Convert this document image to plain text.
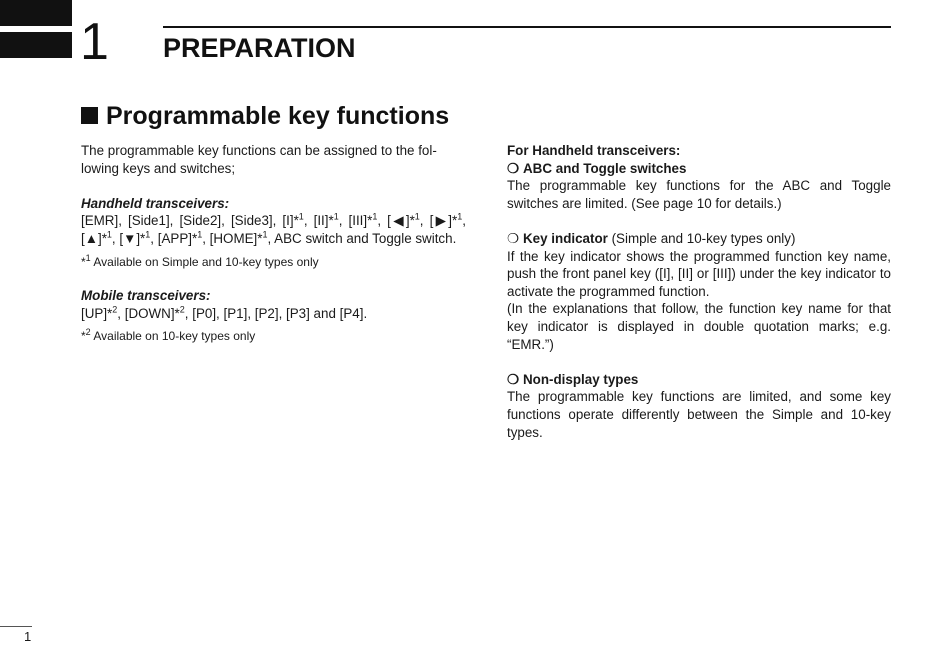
1 PREPARATION
Programmable key functions

The programmable key functions can be assigned to the fol-
lowing keys and switches;

Handheld transceivers:

[EMR], [Side1], [Side2], [Side3], [I]*$^1$, [II]*$^1$, [III]*$^1$, [◀]*$^1$, [▶]*$^1$, [▲]*$^1$, [▼]*$^1$, [APP]*$^1$, [HOME]*$^1$, ABC switch and Toggle switch.

*$^1$ Available on Simple and 10-key types only

Mobile transceivers:

[UP]*$^2$, [DOWN]*$^2$, [P0], [P1], [P2], [P3] and [P4].

*$^2$ Available on 10-key types only

For Handheld transceivers:

❍ ABC and Toggle switches

The programmable key functions for the ABC and Toggle switches are limited. (See page 10 for details.)

❍ Key indicator (Simple and 10-key types only)

If the key indicator shows the programmed function key name, push the front panel key ([I], [II] or [III]) under the key indicator to activate the programmed function.

(In the explanations that follow, the function key name for that key indicator is displayed in double quotation marks; e.g. “EMR.”)

❍ Non-display types

The programmable key functions are limited, and some key functions operate differently between the Simple and 10-key types.

1
